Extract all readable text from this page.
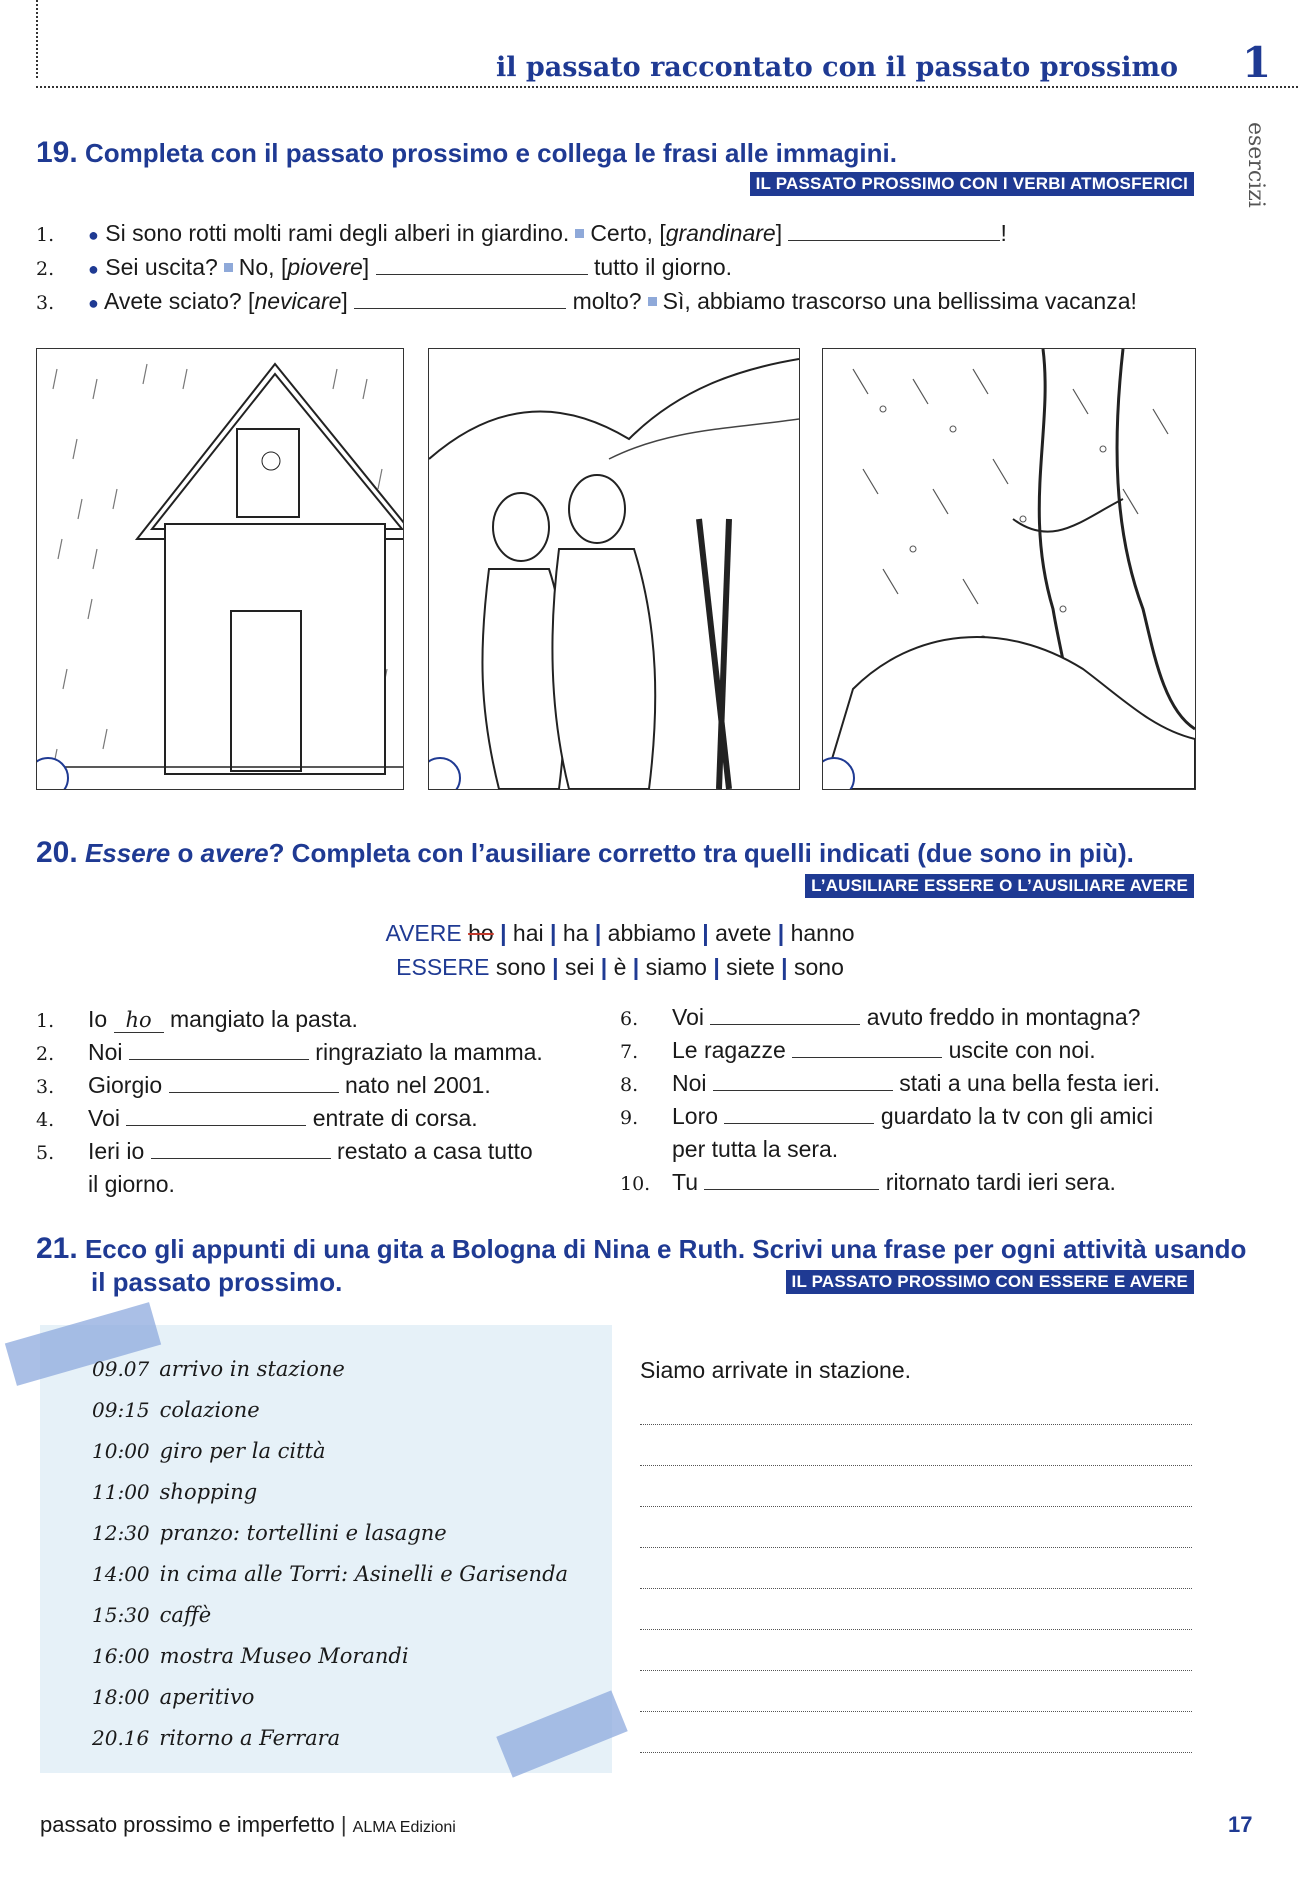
il passato raccontato con il passato prossimo 1
esercizi
19. Completa con il passato prossimo e collega le frasi alle immagini.
IL PASSATO PROSSIMO CON I VERBI ATMOSFERICI
1. ● Si sono rotti molti rami degli alberi in giardino. Certo, [grandinare]	!
2. ● Sei uscita? No, [piovere]	tutto il giorno.
3. ● Avete sciato? [nevicare]	molto? Sì, abbiamo trascorso una bellissima vacanza!
20. Essere o avere? Completa con l’ausiliare corretto tra quelli indicati (due sono in più).
L’AUSILIARE ESSERE O L’AUSILIARE AVERE
AVERE ho | hai | ha | abbiamo | avete | hanno
ESSERE sono | sei | è | siamo | siete | sono
1. Io ho mangiato la pasta.
2. Noi	ringraziato la mamma.
3. Giorgio	nato nel 2001.
4. Voi	entrate di corsa.
5. Ieri io	restato a casa tutto
il giorno.
6. Voi	avuto freddo in montagna?
7. Le ragazze	uscite con noi.
8. Noi	stati a una bella festa ieri.
9. Loro	guardato la tv con gli amici
per tutta la sera.
10. Tu	ritornato tardi ieri sera.
21. Ecco gli appunti di una gita a Bologna di Nina e Ruth. Scrivi una frase per ogni attività usando
il passato prossimo.	IL PASSATO PROSSIMO CON ESSERE E AVERE
09.07 arrivo in stazione
09:15 colazione
10:00 giro per la città
11:00 shopping
12:30 pranzo: tortellini e lasagne
14:00 in cima alle Torri: Asinelli e Garisenda
15:30 caffè
16:00 mostra Museo Morandi
18:00 aperitivo
20.16 ritorno a Ferrara
Siamo arrivate in stazione.
passato prossimo e imperfetto | ALMA Edizioni	17
